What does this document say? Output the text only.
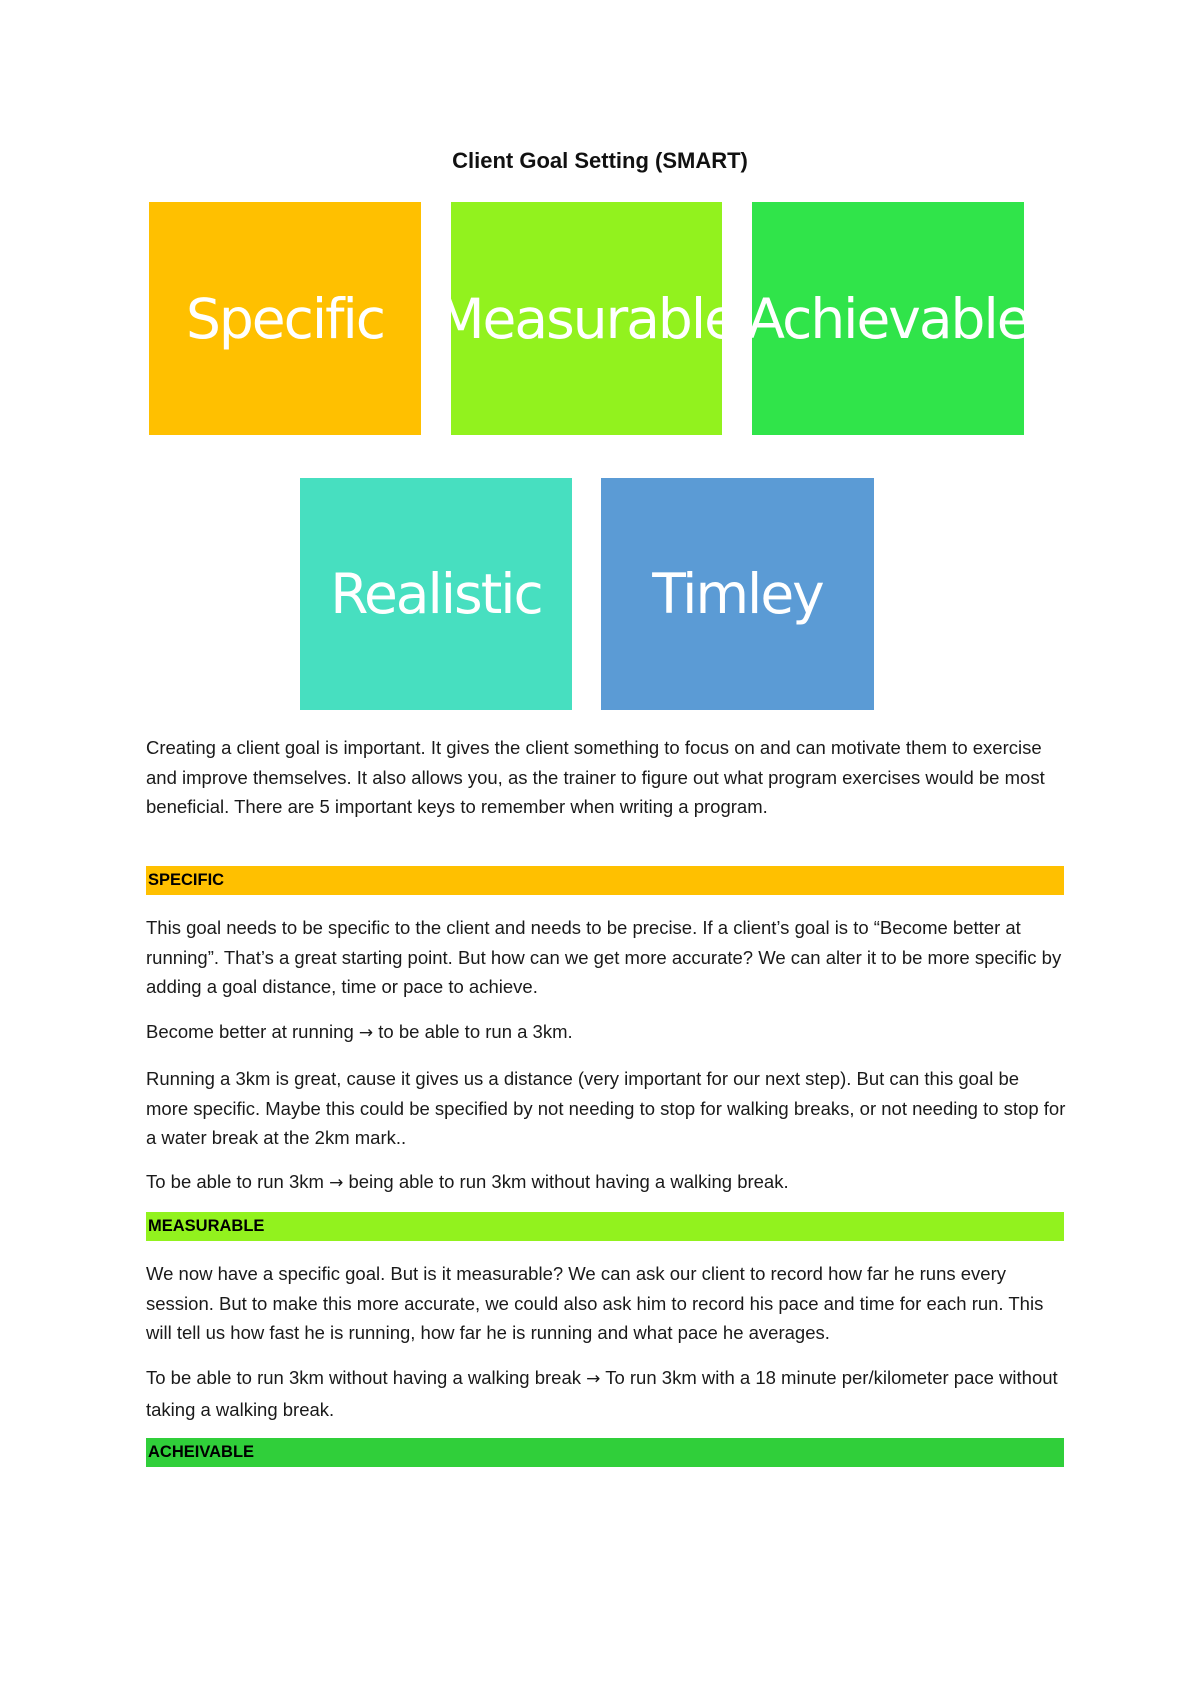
Client Goal Setting (SMART)
Specific Measurable Achievable
Realistic Timley

Creating a client goal is important. It gives the client something to focus on and can motivate them to exercise and improve themselves. It also allows you, as the trainer to figure out what program exercises would be most beneficial. There are 5 important keys to remember when writing a program.

SPECIFIC

This goal needs to be specific to the client and needs to be precise. If a client’s goal is to “Become better at running”. That’s a great starting point. But how can we get more accurate? We can alter it to be more specific by adding a goal distance, time or pace to achieve.

Become better at running → to be able to run a 3km.

Running a 3km is great, cause it gives us a distance (very important for our next step). But can this goal be more specific. Maybe this could be specified by not needing to stop for walking breaks, or not needing to stop for a water break at the 2km mark..

To be able to run 3km → being able to run 3km without having a walking break.

MEASURABLE

We now have a specific goal. But is it measurable? We can ask our client to record how far he runs every session. But to make this more accurate, we could also ask him to record his pace and time for each run. This will tell us how fast he is running, how far he is running and what pace he averages.

To be able to run 3km without having a walking break → To run 3km with a 18 minute per/kilometer pace without taking a walking break.

ACHEIVABLE
